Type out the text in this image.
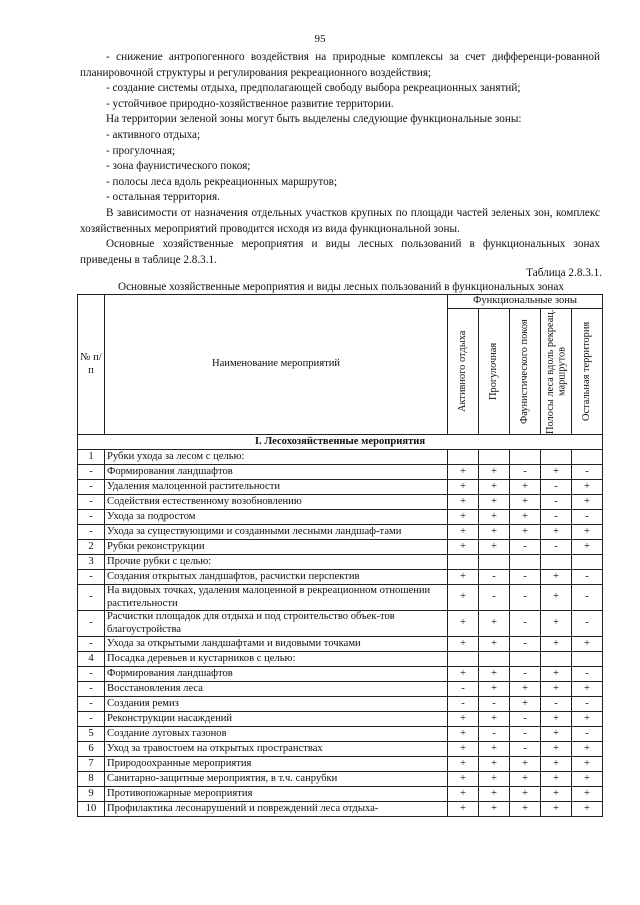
95

- снижение антропогенного воздействия на природные комплексы за счет дифференци-рованной планировочной структуры и регулирования рекреационного воздействия;

- создание системы отдыха, предполагающей свободу выбора рекреационных занятий;

- устойчивое природно-хозяйственное развитие территории.

На территории зеленой зоны могут быть выделены следующие функциональные зоны:

- активного отдыха;

- прогулочная;

- зона фаунистического покоя;

- полосы леса вдоль рекреационных маршрутов;

- остальная территория.

В зависимости от назначения отдельных участков крупных по площади частей зеленых зон, комплекс хозяйственных мероприятий проводится исходя из вида функциональной зоны.

Основные хозяйственные мероприятия и виды лесных пользований в функциональных зонах приведены в таблице 2.8.3.1.

Таблица 2.8.3.1.
Основные хозяйственные мероприятия и виды лесных пользований в функциональных зонах
№ п/п	Наименование мероприятий	Функциональные зоны				

		Активного отдыха	Прогулочная	Фаунистического покоя	Полосы леса вдоль рекреац. маршрутов	Остальная территория

I. Лесохозяйственные мероприятия						
1	Рубки ухода за лесом с целью:					
-	Формирования ландшафтов	+	+	-	+	-
-	Удаления малоценной растительности	+	+	+	-	+
-	Содействия естественному возобновлению	+	+	+	-	+
-	Ухода за подростом	+	+	+	-	-
-	Ухода за существующими и созданными лесными ландшаф-тами	+	+	+	+	+
2	Рубки реконструкции	+	+	-	-	+
3	Прочие рубки с целью:					
-	Создания открытых ландшафтов, расчистки перспектив	+	-	-	+	-
-	На видовых точках, удаления малоценной в рекреационном отношении растительности	+	-	-	+	-
-	Расчистки площадок для отдыха и под строительство объек-тов благоустройства	+	+	-	+	-
-	Ухода за открытыми ландшафтами и видовыми точками	+	+	-	+	+
4	Посадка деревьев и кустарников с целью:					
-	Формирования ландшафтов	+	+	-	+	-
-	Восстановления леса	-	+	+	+	+
-	Создания ремиз	-	-	+	-	-
-	Реконструкции насаждений	+	+	-	+	+
5	Создание луговых газонов	+	-	-	+	-
6	Уход за травостоем на открытых пространствах	+	+	-	+	+
7	Природоохранные мероприятия	+	+	+	+	+
8	Санитарно-защитные мероприятия, в т.ч. санрубки	+	+	+	+	+
9	Противопожарные мероприятия	+	+	+	+	+
10	Профилактика лесонарушений и повреждений леса отдыха-	+	+	+	+	+
